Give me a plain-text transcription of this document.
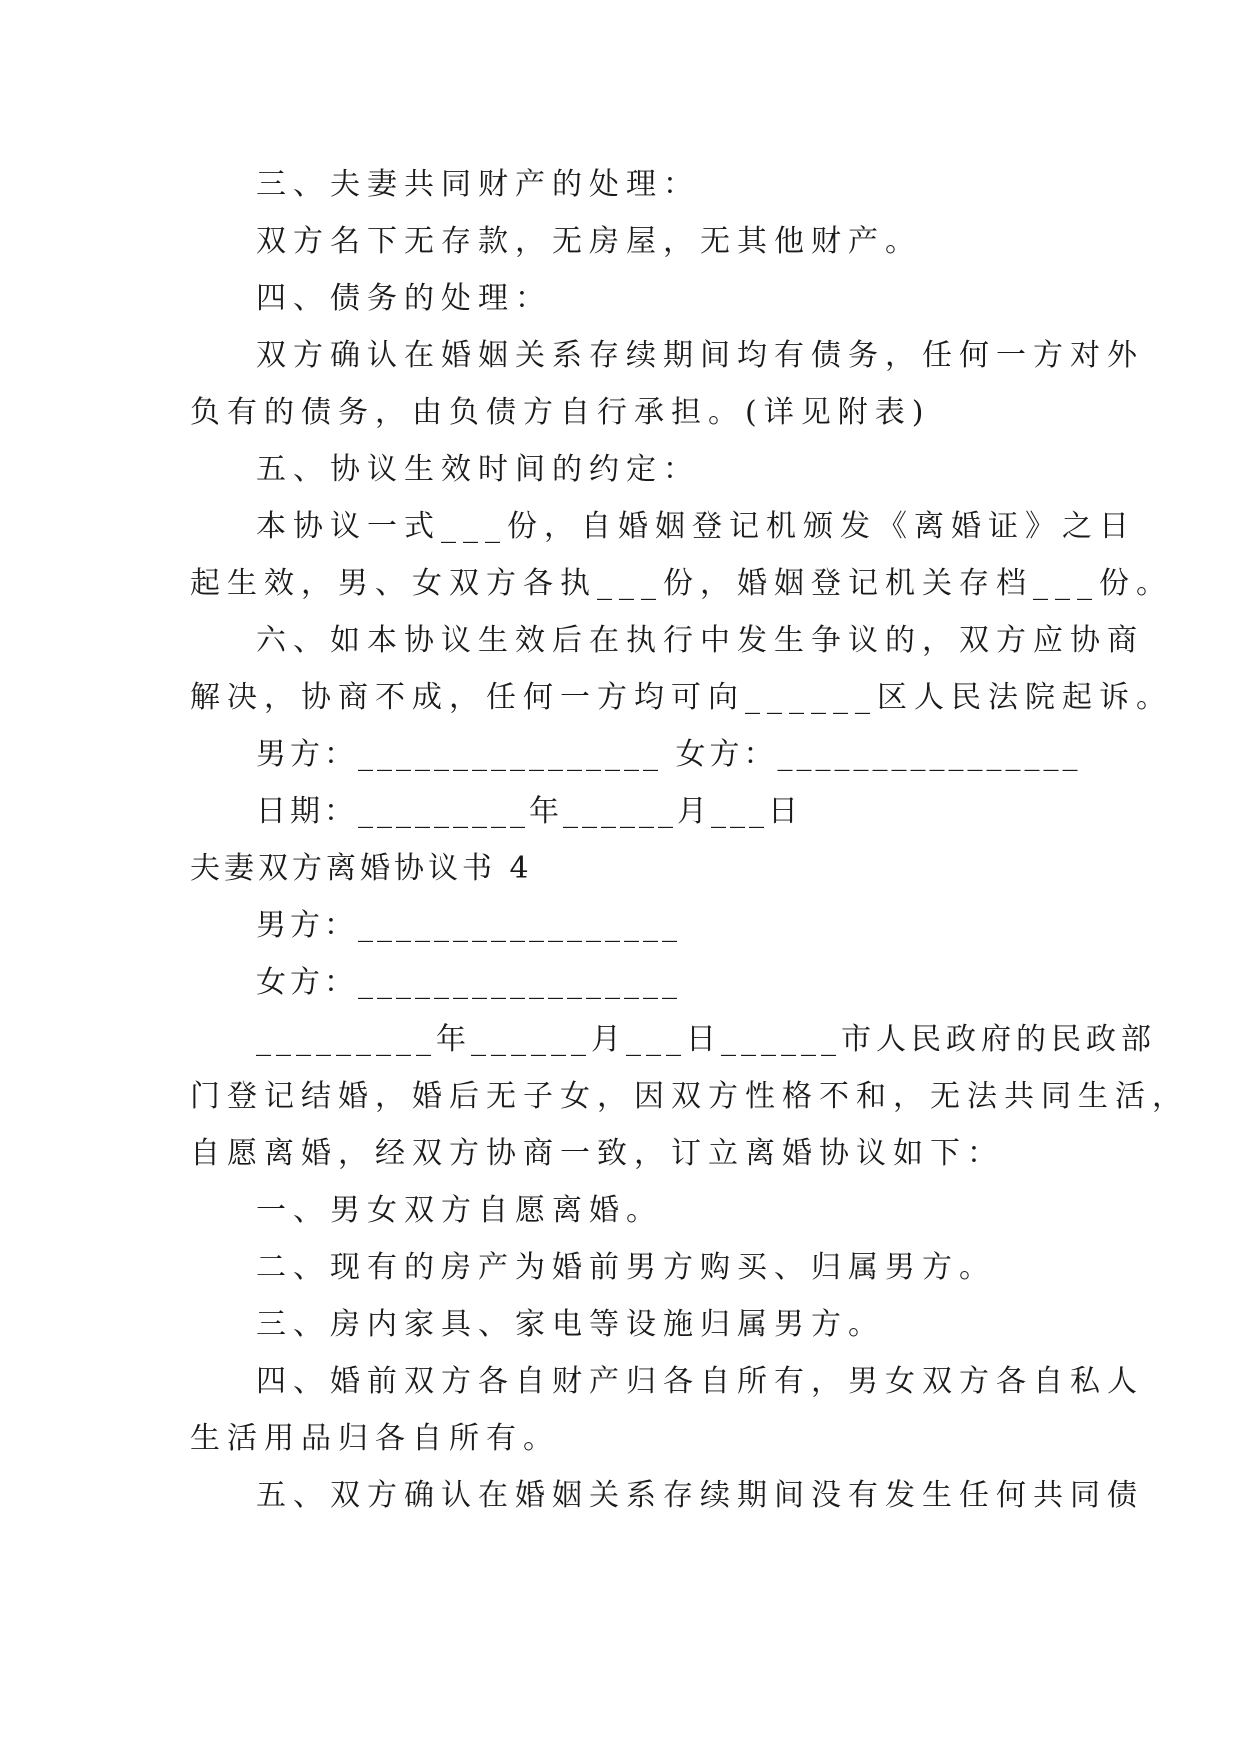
三、夫妻共同财产的处理：
双方名下无存款，无房屋，无其他财产。
四、债务的处理：
双方确认在婚姻关系存续期间均有债务，任何一方对外
负有的债务，由负债方自行承担。(详见附表)
五、协议生效时间的约定：
本协议一式___份，自婚姻登记机颁发《离婚证》之日
起生效，男、女双方各执___份，婚姻登记机关存档___份。
六、如本协议生效后在执行中发生争议的，双方应协商
解决，协商不成，任何一方均可向______区人民法院起诉。
男方：________________ 女方：________________
日期：_________年______月___日
夫妻双方离婚协议书 4
男方：_________________
女方：_________________
_________年______月___日______市人民政府的民政部
门登记结婚，婚后无子女，因双方性格不和，无法共同生活，
自愿离婚，经双方协商一致，订立离婚协议如下：
一、男女双方自愿离婚。
二、现有的房产为婚前男方购买、归属男方。
三、房内家具、家电等设施归属男方。
四、婚前双方各自财产归各自所有，男女双方各自私人
生活用品归各自所有。
五、双方确认在婚姻关系存续期间没有发生任何共同债
